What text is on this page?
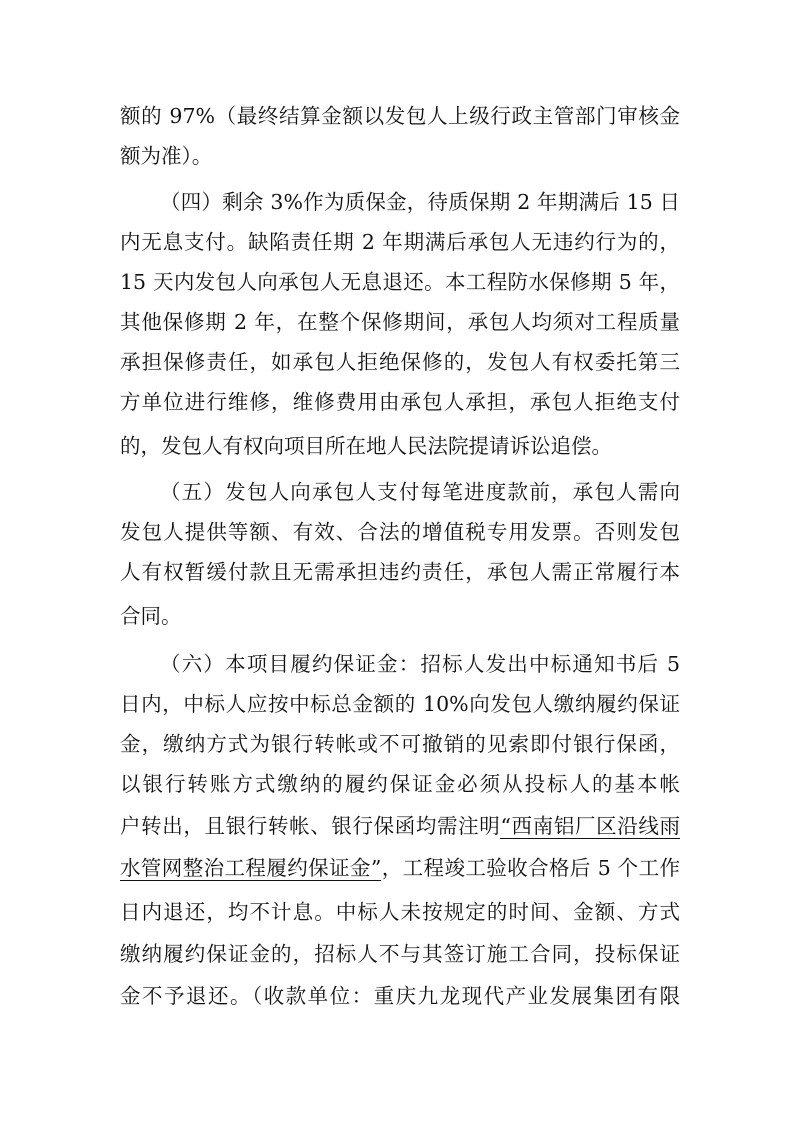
额的 97%（最终结算金额以发包人上级行政主管部门审核金
额为准）。
（四）剩余 3%作为质保金，待质保期 2 年期满后 15 日
内无息支付。缺陷责任期 2 年期满后承包人无违约行为的，
15 天内发包人向承包人无息退还。本工程防水保修期 5 年，
其他保修期 2 年，在整个保修期间，承包人均须对工程质量
承担保修责任，如承包人拒绝保修的，发包人有权委托第三
方单位进行维修，维修费用由承包人承担，承包人拒绝支付
的，发包人有权向项目所在地人民法院提请诉讼追偿。
（五）发包人向承包人支付每笔进度款前，承包人需向
发包人提供等额、有效、合法的增值税专用发票。否则发包
人有权暂缓付款且无需承担违约责任，承包人需正常履行本
合同。
（六）本项目履约保证金：招标人发出中标通知书后 5
日内，中标人应按中标总金额的 10%向发包人缴纳履约保证
金，缴纳方式为银行转帐或不可撤销的见索即付银行保函，
以银行转账方式缴纳的履约保证金必须从投标人的基本帐
户转出，且银行转帐、银行保函均需注明“西南铝厂区沿线雨
水管网整治工程履约保证金”，工程竣工验收合格后 5 个工作
日内退还，均不计息。中标人未按规定的时间、金额、方式
缴纳履约保证金的，招标人不与其签订施工合同，投标保证
金不予退还。（收款单位：重庆九龙现代产业发展集团有限
